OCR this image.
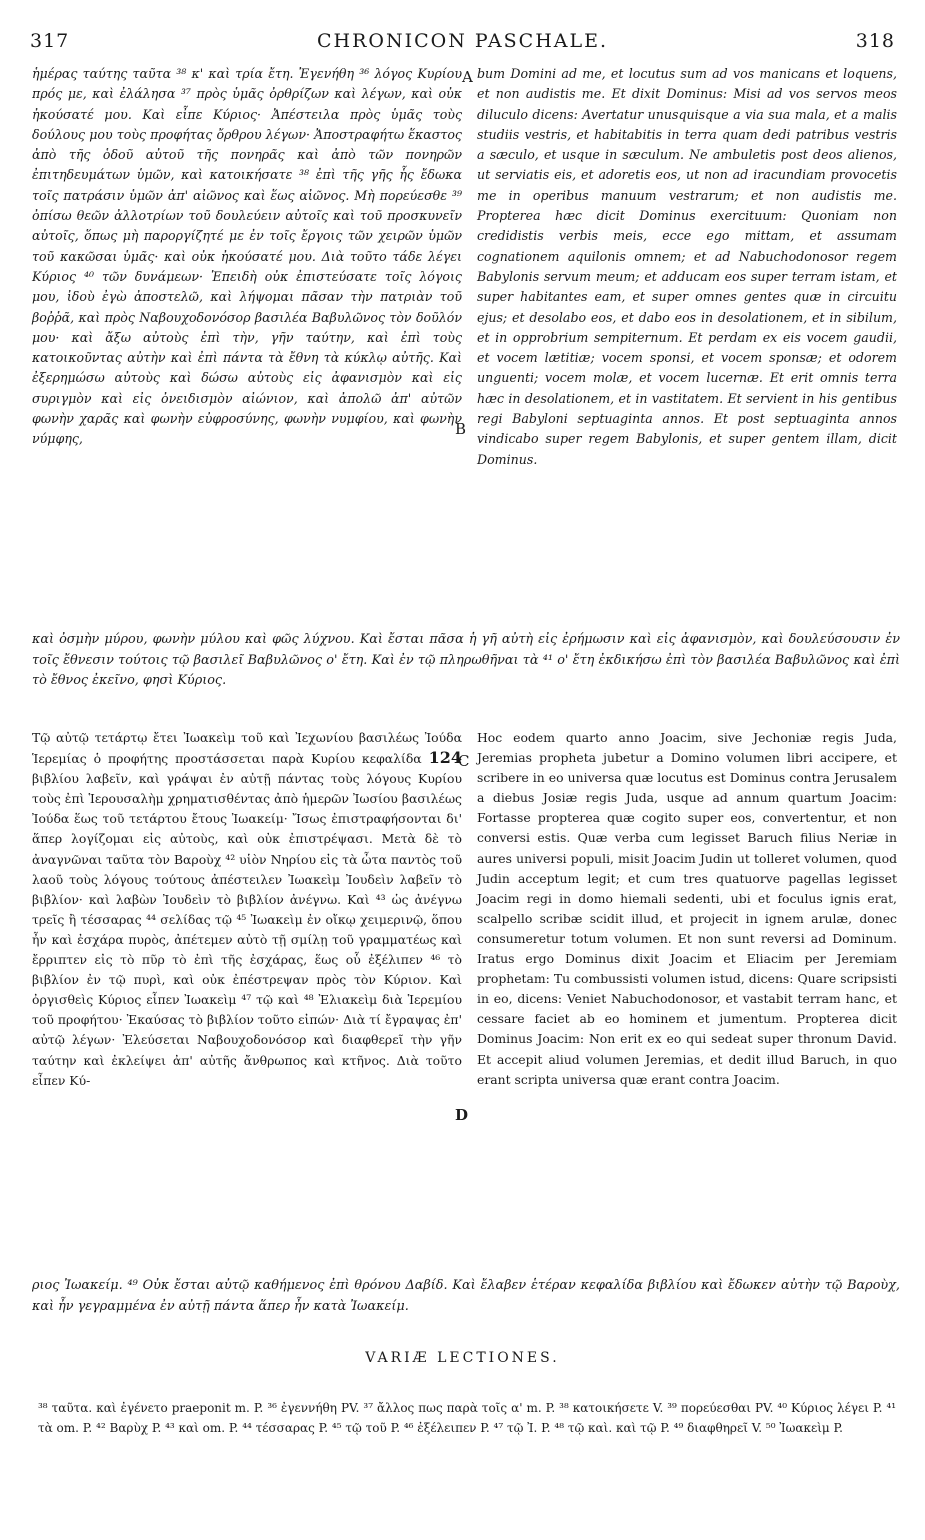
317	CHRONICON PASCHALE.	318
A
B
C
D

ἡμέρας ταύτης ταῦτα ³⁸ κ' καὶ τρία ἔτη. Ἐγενήθη ³⁶ λόγος Κυρίου πρός με, καὶ ἐλάλησα ³⁷ πρὸς ὑμᾶς ὀρθρίζων καὶ λέγων, καὶ οὐκ ἠκούσατέ μου. Καὶ εἶπε Κύριος· Ἀπέστειλα πρὸς ὑμᾶς τοὺς δούλους μου τοὺς προφήτας ὄρθρου λέγων· Ἀποστραφήτω ἕκαστος ἀπὸ τῆς ὁδοῦ αὐτοῦ τῆς πονηρᾶς καὶ ἀπὸ τῶν πονηρῶν ἐπιτηδευμάτων ὑμῶν, καὶ κατοικήσατε ³⁸ ἐπὶ τῆς γῆς ἧς ἔδωκα τοῖς πατράσιν ὑμῶν ἀπ' αἰῶνος καὶ ἕως αἰῶνος. Μὴ πορεύεσθε ³⁹ ὀπίσω θεῶν ἀλλοτρίων τοῦ δουλεύειν αὐτοῖς καὶ τοῦ προσκυνεῖν αὐτοῖς, ὅπως μὴ παροργίζητέ με ἐν τοῖς ἔργοις τῶν χειρῶν ὑμῶν τοῦ κακῶσαι ὑμᾶς· καὶ οὐκ ἠκούσατέ μου. Διὰ τοῦτο τάδε λέγει Κύριος ⁴⁰ τῶν δυνάμεων· Ἐπειδὴ οὐκ ἐπιστεύσατε τοῖς λόγοις μου, ἰδοὺ ἐγὼ ἀποστελῶ, καὶ λήψομαι πᾶσαν τὴν πατριὰν τοῦ βοῤῥᾶ, καὶ πρὸς Ναβουχοδονόσορ βασιλέα Βαβυλῶνος τὸν δοῦλόν μου· καὶ ἄξω αὐτοὺς ἐπὶ τὴν, γῆν ταύτην, καὶ ἐπὶ τοὺς κατοικοῦντας αὐτὴν καὶ ἐπὶ πάντα τὰ ἔθνη τὰ κύκλῳ αὐτῆς. Καὶ ἐξερημώσω αὐτοὺς καὶ δώσω αὐτοὺς εἰς ἀφανισμὸν καὶ εἰς συριγμὸν καὶ εἰς ὀνειδισμὸν αἰώνιον, καὶ ἀπολῶ ἀπ' αὐτῶν φωνὴν χαρᾶς καὶ φωνὴν εὐφροσύνης, φωνὴν νυμφίου, καὶ φωνὴν νύμφης,

bum Domini ad me, et locutus sum ad vos manicans et loquens, et non audistis me. Et dixit Dominus: Misi ad vos servos meos diluculo dicens: Avertatur unusquisque a via sua mala, et a malis studiis vestris, et habitabitis in terra quam dedi patribus vestris a sæculo, et usque in sæculum. Ne ambuletis post deos alienos, ut serviatis eis, et adoretis eos, ut non ad iracundiam provocetis me in operibus manuum vestrarum; et non audistis me. Propterea hæc dicit Dominus exercituum: Quoniam non credidistis verbis meis, ecce ego mittam, et assumam cognationem aquilonis omnem; et ad Nabuchodonosor regem Babylonis servum meum; et adducam eos super terram istam, et super habitantes eam, et super omnes gentes quæ in circuitu ejus; et desolabo eos, et dabo eos in desolationem, et in sibilum, et in opprobrium sempiternum. Et perdam ex eis vocem gaudii, et vocem lætitiæ; vocem sponsi, et vocem sponsæ; et odorem unguenti; vocem molæ, et vocem lucernæ. Et erit omnis terra hæc in desolationem, et in vastitatem. Et servient in his gentibus regi Babyloni septuaginta annos. Et post septuaginta annos vindicabo super regem Babylonis, et super gentem illam, dicit Dominus.

καὶ ὀσμὴν μύρου, φωνὴν μύλου καὶ φῶς λύχνου. Καὶ ἔσται πᾶσα ἡ γῆ αὐτὴ εἰς ἐρήμωσιν καὶ εἰς ἀφανισμὸν, καὶ δουλεύσουσιν ἐν τοῖς ἔθνεσιν τούτοις τῷ βασιλεῖ Βαβυλῶνος ο' ἔτη. Καὶ ἐν τῷ πληρωθῆναι τὰ ⁴¹ ο' ἔτη ἐκδικήσω ἐπὶ τὸν βασιλέα Βαβυλῶνος καὶ ἐπὶ τὸ ἔθνος ἐκεῖνο, φησὶ Κύριος.

Τῷ αὐτῷ τετάρτῳ ἔτει Ἰωακεὶμ τοῦ καὶ Ἰεχωνίου βασιλέως Ἰούδα Ἱερεμίας ὁ προφήτης προστάσσεται παρὰ Κυρίου κεφαλίδα 124 βιβλίου λαβεῖν, καὶ γράψαι ἐν αὐτῇ πάντας τοὺς λόγους Κυρίου τοὺς ἐπὶ Ἱερουσαλὴμ χρηματισθέντας ἀπὸ ἡμερῶν Ἰωσίου βασιλέως Ἰούδα ἕως τοῦ τετάρτου ἔτους Ἰωακείμ· Ἴσως ἐπιστραφήσονται δι' ἅπερ λογίζομαι εἰς αὐτοὺς, καὶ οὐκ ἐπιστρέψασι. Μετὰ δὲ τὸ ἀναγνῶναι ταῦτα τὸν Βαροὺχ ⁴² υἱὸν Νηρίου εἰς τὰ ὦτα παντὸς τοῦ λαοῦ τοὺς λόγους τούτους ἀπέστειλεν Ἰωακεὶμ Ἰουδεὶν λαβεῖν τὸ βιβλίον· καὶ λαβὼν Ἰουδεὶν τὸ βιβλίον ἀνέγνω. Καὶ ⁴³ ὡς ἀνέγνω τρεῖς ἢ τέσσαρας ⁴⁴ σελίδας τῷ ⁴⁵ Ἰωακεὶμ ἐν οἴκῳ χειμερινῷ, ὅπου ἦν καὶ ἐσχάρα πυρὸς, ἀπέτεμεν αὐτὸ τῇ σμίλῃ τοῦ γραμματέως καὶ ἔρριπτεν εἰς τὸ πῦρ τὸ ἐπὶ τῆς ἐσχάρας, ἕως οὗ ἐξέλιπεν ⁴⁶ τὸ βιβλίον ἐν τῷ πυρὶ, καὶ οὐκ ἐπέστρεψαν πρὸς τὸν Κύριον. Καὶ ὀργισθεὶς Κύριος εἶπεν Ἰωακεὶμ ⁴⁷ τῷ καὶ ⁴⁸ Ἐλιακεὶμ διὰ Ἱερεμίου τοῦ προφήτου· Ἐκαύσας τὸ βιβλίον τοῦτο εἰπών· Διὰ τί ἔγραψας ἐπ' αὐτῷ λέγων· Ἐλεύσεται Ναβουχοδονόσορ καὶ διαφθερεῖ τὴν γῆν ταύτην καὶ ἐκλείψει ἀπ' αὐτῆς ἄνθρωπος καὶ κτῆνος. Διὰ τοῦτο εἶπεν Κύ-

Hoc eodem quarto anno Joacim, sive Jechoniæ regis Juda, Jeremias propheta jubetur a Domino volumen libri accipere, et scribere in eo universa quæ locutus est Dominus contra Jerusalem a diebus Josiæ regis Juda, usque ad annum quartum Joacim: Fortasse propterea quæ cogito super eos, convertentur, et non conversi estis. Quæ verba cum legisset Baruch filius Neriæ in aures universi populi, misit Joacim Judin ut tolleret volumen, quod Judin acceptum legit; et cum tres quatuorve pagellas legisset Joacim regi in domo hiemali sedenti, ubi et foculus ignis erat, scalpello scribæ scidit illud, et projecit in ignem arulæ, donec consumeretur totum volumen. Et non sunt reversi ad Dominum. Iratus ergo Dominus dixit Joacim et Eliacim per Jeremiam prophetam: Tu combussisti volumen istud, dicens: Quare scripsisti in eo, dicens: Veniet Nabuchodonosor, et vastabit terram hanc, et cessare faciet ab eo hominem et jumentum. Propterea dicit Dominus Joacim: Non erit ex eo qui sedeat super thronum David. Et accepit aliud volumen Jeremias, et dedit illud Baruch, in quo erant scripta universa quæ erant contra Joacim.

ριος Ἰωακείμ. ⁴⁹ Οὐκ ἔσται αὐτῷ καθήμενος ἐπὶ θρόνου Δαβίδ. Καὶ ἔλαβεν ἑτέραν κεφαλίδα βιβλίου καὶ ἔδωκεν αὐτὴν τῷ Βαροὺχ, καὶ ἦν γεγραμμένα ἐν αὐτῇ πάντα ἅπερ ἦν κατὰ Ἰωακείμ.

VARIÆ LECTIONES.

³⁸ ταῦτα. καὶ ἐγένετο praeponit m. P. ³⁶ ἐγεννήθη PV. ³⁷ ἄλλος πως παρὰ τοῖς α' m. P. ³⁸ κατοικήσετε V. ³⁹ πορεύεσθαι PV. ⁴⁰ Κύριος λέγει P. ⁴¹ τὰ om. P. ⁴² Βαρὺχ P. ⁴³ καὶ om. P. ⁴⁴ τέσσαρας P. ⁴⁵ τῷ τοῦ P. ⁴⁶ ἐξέλειπεν P. ⁴⁷ τῷ Ἰ. P. ⁴⁸ τῷ καὶ. καὶ τῷ P. ⁴⁹ διαφθηρεῖ V. ⁵⁰ Ἰωακεὶμ P.
